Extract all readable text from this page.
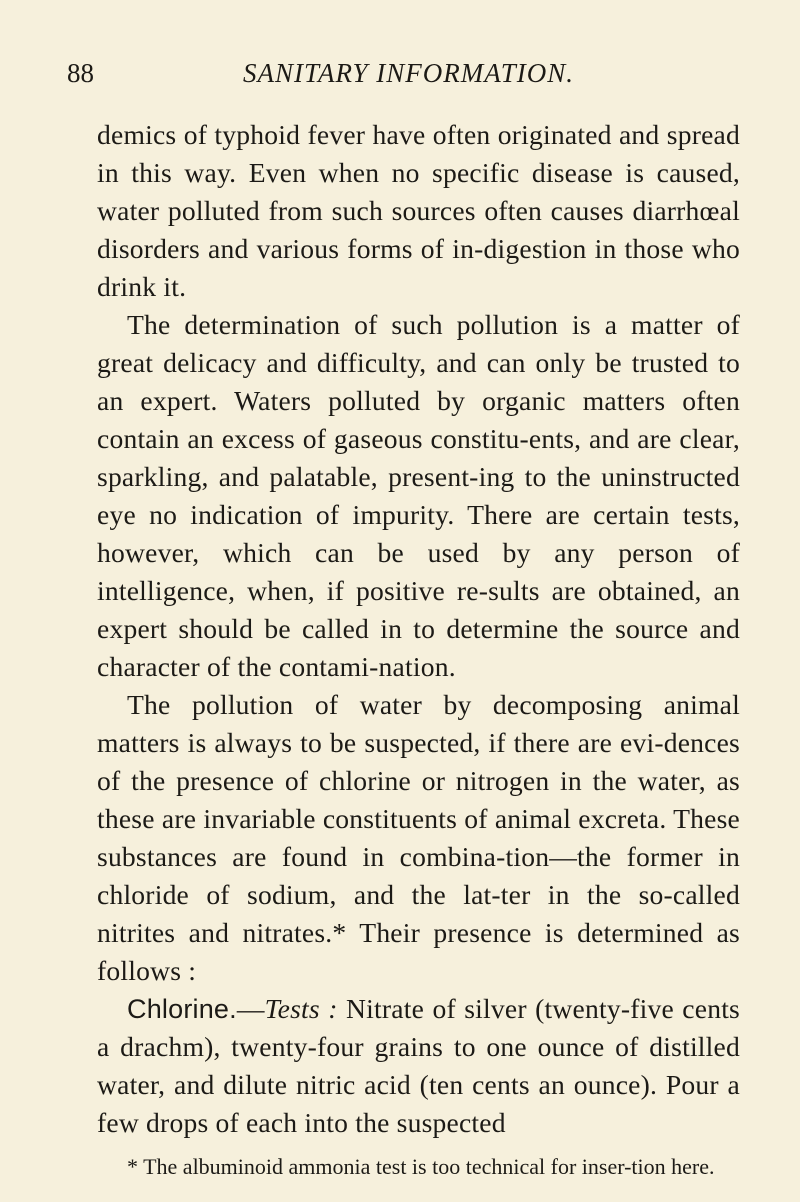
88	SANITARY INFORMATION.

demics of typhoid fever have often originated and spread in this way. Even when no specific disease is caused, water polluted from such sources often causes diarrhœal disorders and various forms of in-digestion in those who drink it.

The determination of such pollution is a matter of great delicacy and difficulty, and can only be trusted to an expert. Waters polluted by organic matters often contain an excess of gaseous constitu-ents, and are clear, sparkling, and palatable, present-ing to the uninstructed eye no indication of impurity. There are certain tests, however, which can be used by any person of intelligence, when, if positive re-sults are obtained, an expert should be called in to determine the source and character of the contami-nation.

The pollution of water by decomposing animal matters is always to be suspected, if there are evi-dences of the presence of chlorine or nitrogen in the water, as these are invariable constituents of animal excreta. These substances are found in combina-tion—the former in chloride of sodium, and the lat-ter in the so-called nitrites and nitrates.* Their presence is determined as follows :

Chlorine.—Tests : Nitrate of silver (twenty-five cents a drachm), twenty-four grains to one ounce of distilled water, and dilute nitric acid (ten cents an ounce). Pour a few drops of each into the suspected

* The albuminoid ammonia test is too technical for inser-tion here.
